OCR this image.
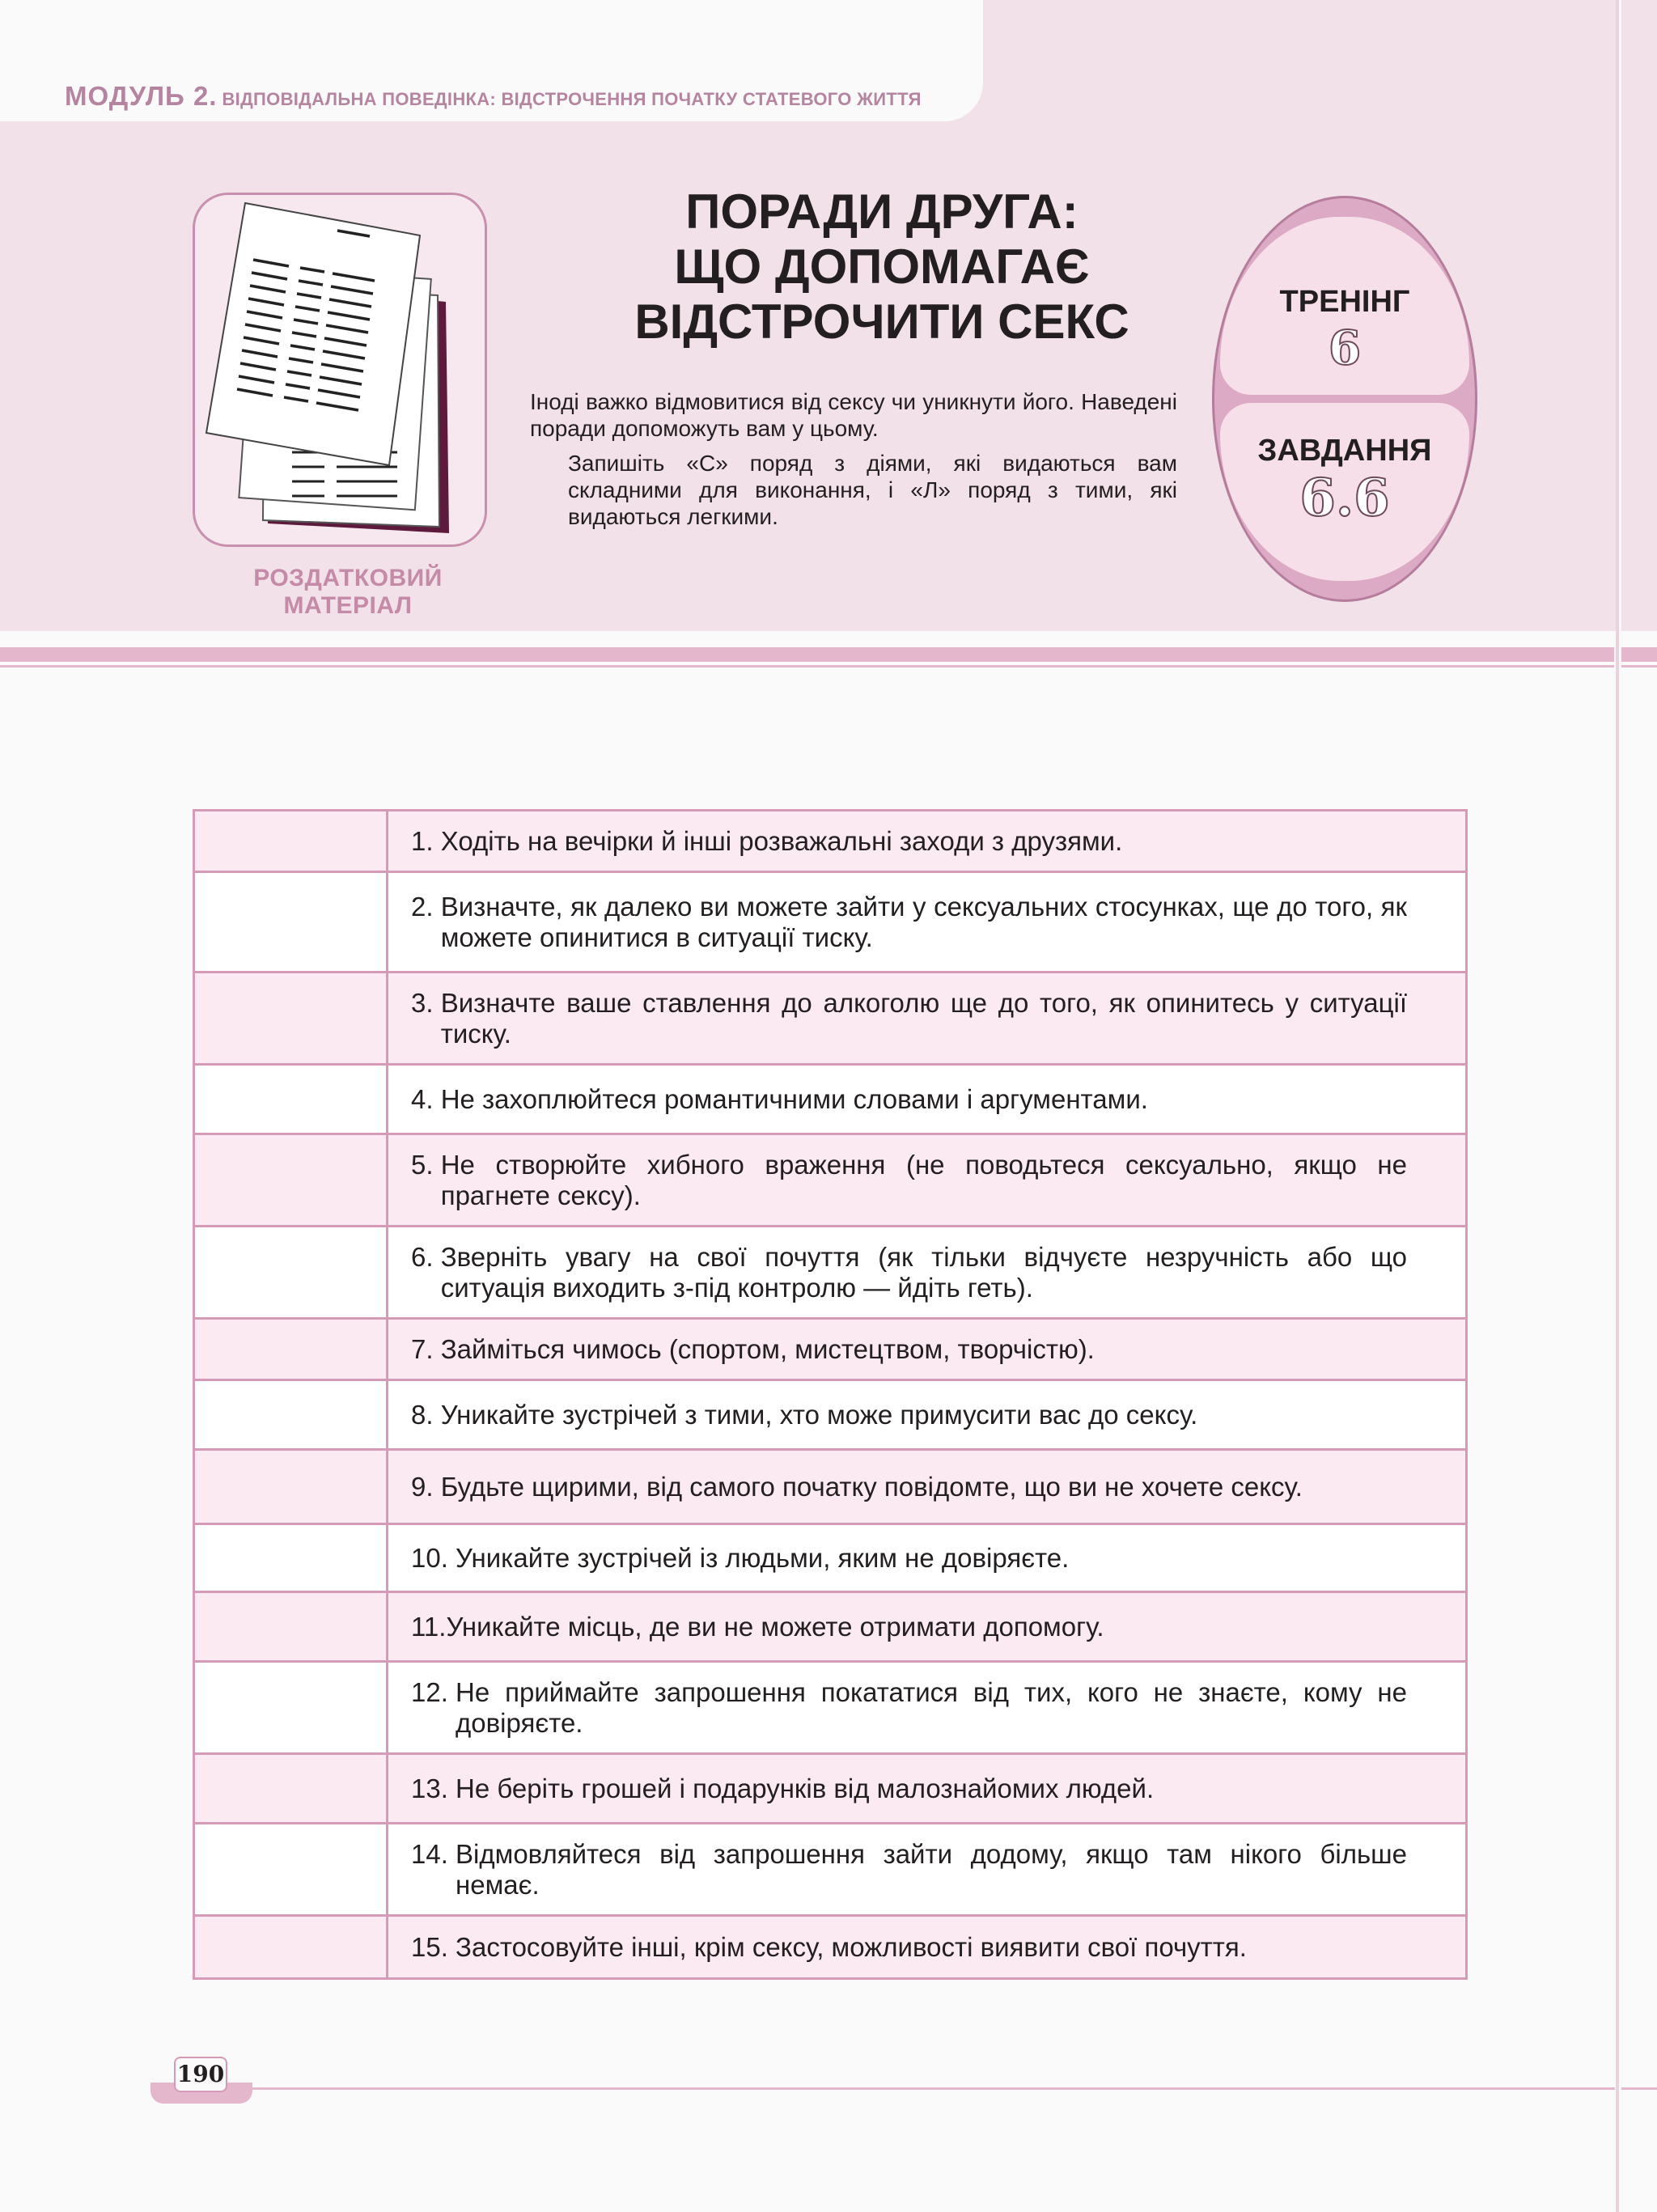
МОДУЛЬ 2. ВІДПОВІДАЛЬНА ПОВЕДІНКА: ВІДСТРОЧЕННЯ ПОЧАТКУ СТАТЕВОГО ЖИТТЯ
РОЗДАТКОВИЙ
МАТЕРІАЛ
ПОРАДИ ДРУГА:
ЩО ДОПОМАГАЄ
ВІДСТРОЧИТИ СЕКС
Іноді важко відмовитися від сексу чи уникнути його. Наведені поради допоможуть вам у цьому.
Запишіть «С» поряд з діями, які видаються вам складними для виконання, і «Л» поряд з тими, які видаються легкими.
ТРЕНІНГ
6
ЗАВДАННЯ
6.6

	1. Ходіть на вечірки й інші розважальні заходи з друзями.

	2. Визначте, як далеко ви можете зайти у сексуальних стосунках, ще до того, як можете опинитися в ситуації тиску.

	3. Визначте ваше ставлення до алкоголю ще до того, як опинитесь у ситуації тиску.

	4. Не захоплюйтеся романтичними словами і аргументами.

	5. Не створюйте хибного враження (не поводьтеся сексуально, якщо не прагнете сексу).

	6. Зверніть увагу на свої почуття (як тільки відчуєте незручність або що ситуація виходить з-під контролю — йдіть геть).

	7. Займіться чимось (спортом, мистецтвом, творчістю).

	8. Уникайте зустрічей з тими, хто може примусити вас до сексу.

	9. Будьте щирими, від самого початку повідомте, що ви не хочете сексу.

	10. Уникайте зустрічей із людьми, яким не довіряєте.

	11. Уникайте місць, де ви не можете отримати допомогу.

	12. Не приймайте запрошення покататися від тих, кого не знаєте, кому не довіряєте.

	13. Не беріть грошей і подарунків від малознайомих людей.

	14. Відмовляйтеся від запрошення зайти додому, якщо там нікого більше немає.

	15. Застосовуйте інші, крім сексу, можливості виявити свої почуття.
190
